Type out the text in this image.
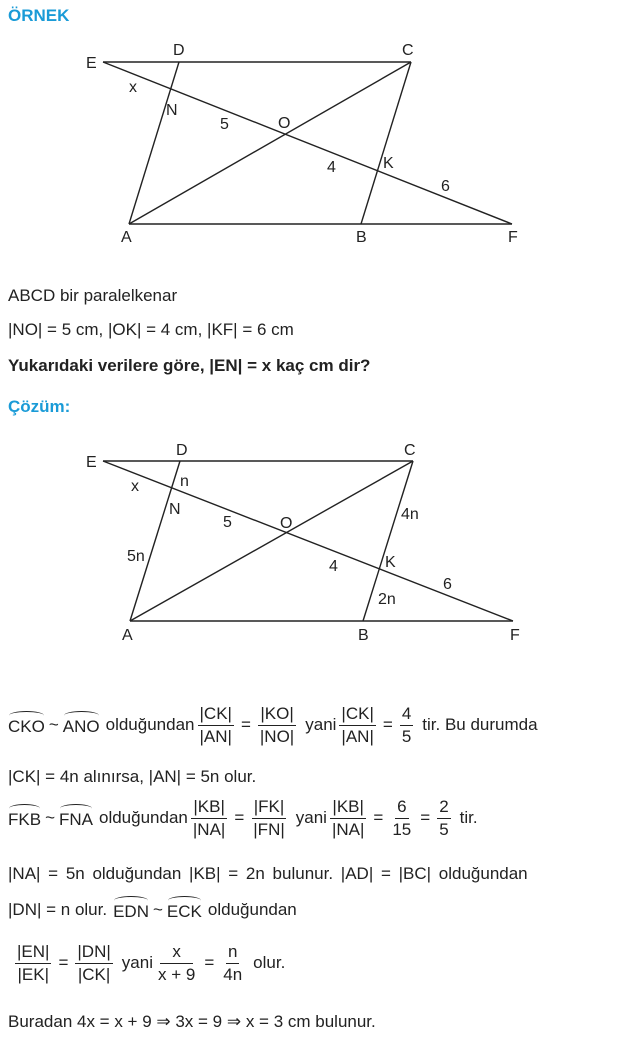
ÖRNEK
E
D	C
A	B	F
N
O
K
x
5
4
6
ABCD bir paralelkenar
|NO| = 5 cm, |OK| = 4 cm, |KF| = 6 cm
Yukarıdaki verilere göre, |EN| = x kaç cm dir?
Çözüm:
E
D	C
A	B	F
N
O
K
x	n
5n
5
4
4n
2n
6
CKO ~ ANO olduğundan $\frac{|CK|}{|AN|} = \frac{|KO|}{|NO|}$ yani $\frac{|CK|}{|AN|} = \frac{4}{5}$ tir. Bu durumda
|CK| = 4n alınırsa, |AN| = 5n olur.
FKB ~ FNA olduğundan $\frac{|KB|}{|NA|} = \frac{|FK|}{|FN|}$ yani $\frac{|KB|}{|NA|} = \frac{6}{15} = \frac{2}{5}$ tir.
|NA| = 5n olduğundan |KB| = 2n bulunur. |AD| = |BC| olduğundan
|DN| = n olur. EDN ~ ECK olduğundan
$\frac{|EN|}{|EK|} = \frac{|DN|}{|CK|}$ yani $\frac{x}{x + 9} = \frac{n}{4n}$ olur.
Buradan 4x = x + 9 ⇒ 3x = 9 ⇒ x = 3 cm bulunur.
